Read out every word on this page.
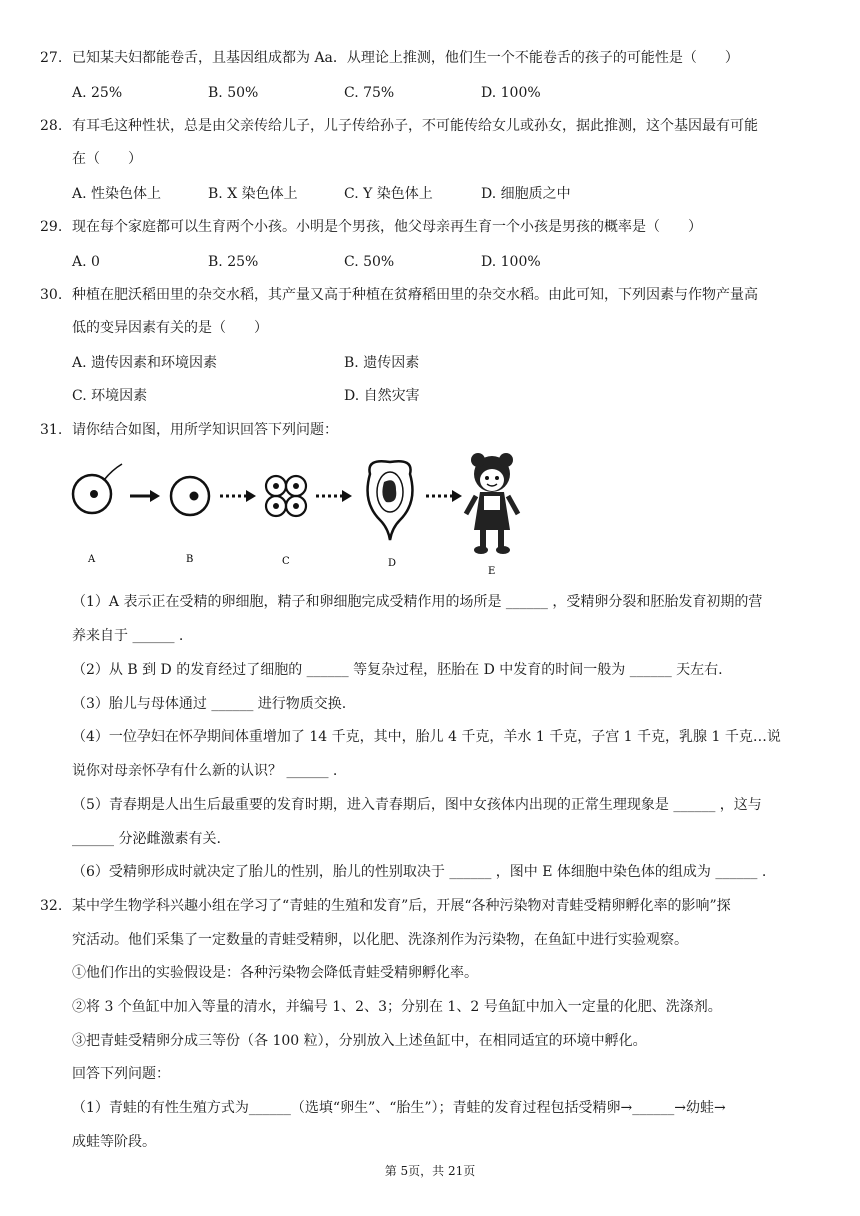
27. 已知某夫妇都能卷舌，且基因组成都为 Aa．从理论上推测，他们生一个不能卷舌的孩子的可能性是（　　）
A. 25%	B. 50%	C. 75%	D. 100%
28. 有耳毛这种性状，总是由父亲传给儿子，儿子传给孙子，不可能传给女儿或孙女，据此推测，这个基因最有可能
在（　　）
A. 性染色体上	B. X 染色体上	C. Y 染色体上	D. 细胞质之中
29. 现在每个家庭都可以生育两个小孩。小明是个男孩，他父母亲再生育一个小孩是男孩的概率是（　　）
A. 0	B. 25%	C. 50%	D. 100%
30. 种植在肥沃稻田里的杂交水稻，其产量又高于种植在贫瘠稻田里的杂交水稻。由此可知，下列因素与作物产量高
低的变异因素有关的是（　　）
A. 遗传因素和环境因素	B. 遗传因素
C. 环境因素	D. 自然灾害
31. 请你结合如图，用所学知识回答下列问题：
A	B	C	D
E
（1）A 表示正在受精的卵细胞，精子和卵细胞完成受精作用的场所是 ______ ，受精卵分裂和胚胎发育初期的营
养来自于 ______ .
（2）从 B 到 D 的发育经过了细胞的 ______ 等复杂过程，胚胎在 D 中发育的时间一般为 ______ 天左右.
（3）胎儿与母体通过 ______ 进行物质交换.
（4）一位孕妇在怀孕期间体重增加了 14 千克，其中，胎儿 4 千克，羊水 1 千克，子宫 1 千克，乳腺 1 千克…说
说你对母亲怀孕有什么新的认识？ ______ .
（5）青春期是人出生后最重要的发育时期，进入青春期后，图中女孩体内出现的正常生理现象是 ______ ，这与
______ 分泌雌激素有关.
（6）受精卵形成时就决定了胎儿的性别，胎儿的性别取决于 ______ ，图中 E 体细胞中染色体的组成为 ______ .
32. 某中学生物学科兴趣小组在学习了“青蛙的生殖和发育”后，开展“各种污染物对青蛙受精卵孵化率的影响”探
究活动。他们采集了一定数量的青蛙受精卵，以化肥、洗涤剂作为污染物，在鱼缸中进行实验观察。
①他们作出的实验假设是：各种污染物会降低青蛙受精卵孵化率。
②将 3 个鱼缸中加入等量的清水，并编号 1、2、3；分别在 1、2 号鱼缸中加入一定量的化肥、洗涤剂。
③把青蛙受精卵分成三等份（各 100 粒），分别放入上述鱼缸中，在相同适宜的环境中孵化。
回答下列问题：
（1）青蛙的有性生殖方式为______（选填“卵生”、“胎生”）；青蛙的发育过程包括受精卵→______→幼蛙→
成蛙等阶段。
第 5页，共 21页
